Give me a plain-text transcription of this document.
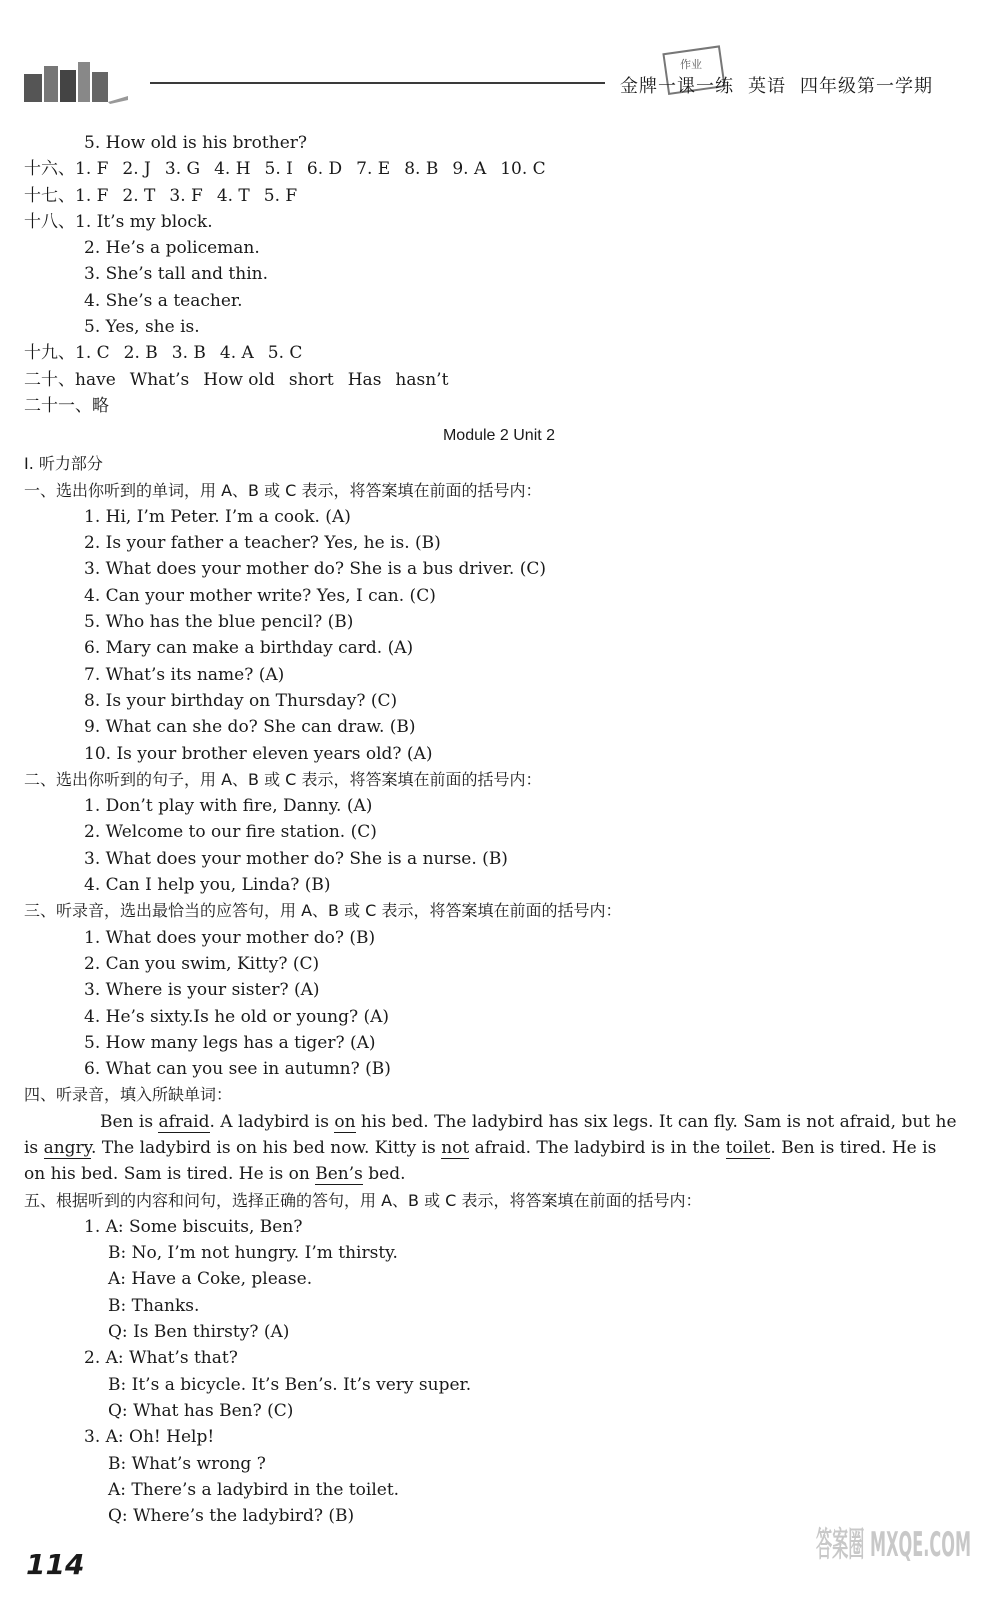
作业
金牌一课一练 英语 四年级第一学期
5. How old is his brother?
十六、1. F 2. J 3. G 4. H 5. I 6. D 7. E 8. B 9. A 10. C
十七、1. F 2. T 3. F 4. T 5. F
十八、1. It’s my block.
2. He’s a policeman.
3. She’s tall and thin.
4. She’s a teacher.
5. Yes, she is.
十九、1. C 2. B 3. B 4. A 5. C
二十、have What’s How old short Has hasn’t
二十一、略
Module 2 Unit 2
Ⅰ. 听力部分
一、选出你听到的单词，用 A、B 或 C 表示，将答案填在前面的括号内：
1. Hi, I’m Peter. I’m a cook. (A)
2. Is your father a teacher? Yes, he is. (B)
3. What does your mother do? She is a bus driver. (C)
4. Can your mother write? Yes, I can. (C)
5. Who has the blue pencil? (B)
6. Mary can make a birthday card. (A)
7. What’s its name? (A)
8. Is your birthday on Thursday? (C)
9. What can she do? She can draw. (B)
10. Is your brother eleven years old? (A)
二、选出你听到的句子，用 A、B 或 C 表示，将答案填在前面的括号内：
1. Don’t play with fire, Danny. (A)
2. Welcome to our fire station. (C)
3. What does your mother do? She is a nurse. (B)
4. Can I help you, Linda? (B)
三、听录音，选出最恰当的应答句，用 A、B 或 C 表示，将答案填在前面的括号内：
1. What does your mother do? (B)
2. Can you swim, Kitty? (C)
3. Where is your sister? (A)
4. He’s sixty.Is he old or young? (A)
5. How many legs has a tiger? (A)
6. What can you see in autumn? (B)
四、听录音，填入所缺单词：
Ben is afraid. A ladybird is on his bed. The ladybird has six legs. It can fly. Sam is not afraid, but he is angry. The ladybird is on his bed now. Kitty is not afraid. The ladybird is in the toilet. Ben is tired. He is on his bed. Sam is tired. He is on Ben’s bed.
五、根据听到的内容和问句，选择正确的答句，用 A、B 或 C 表示，将答案填在前面的括号内：
1. A: Some biscuits, Ben?
B: No, I’m not hungry. I’m thirsty.
A: Have a Coke, please.
B: Thanks.
Q: Is Ben thirsty? (A)
2. A: What’s that?
B: It’s a bicycle. It’s Ben’s. It’s very super.
Q: What has Ben? (C)
3. A: Oh! Help!
B: What’s wrong ?
A: There’s a ladybird in the toilet.
Q: Where’s the ladybird? (B)
114	答案圈 MXQE.COM
